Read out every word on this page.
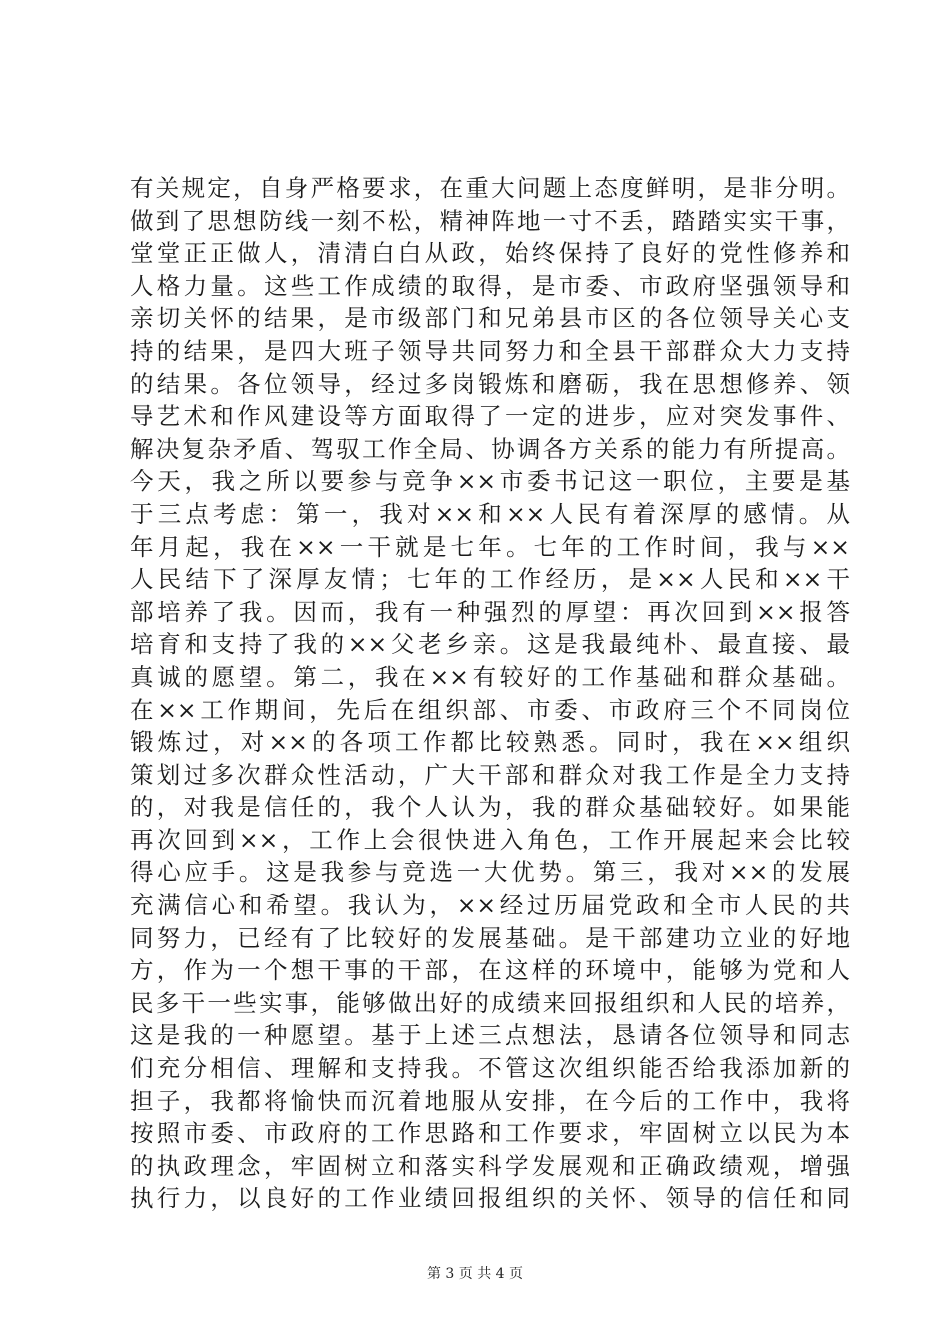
有关规定，自身严格要求，在重大问题上态度鲜明，是非分明。
做到了思想防线一刻不松，精神阵地一寸不丢，踏踏实实干事，
堂堂正正做人，清清白白从政，始终保持了良好的党性修养和
人格力量。这些工作成绩的取得，是市委、市政府坚强领导和
亲切关怀的结果，是市级部门和兄弟县市区的各位领导关心支
持的结果，是四大班子领导共同努力和全县干部群众大力支持
的结果。各位领导，经过多岗锻炼和磨砺，我在思想修养、领
导艺术和作风建设等方面取得了一定的进步，应对突发事件、
解决复杂矛盾、驾驭工作全局、协调各方关系的能力有所提高。
今天，我之所以要参与竞争××市委书记这一职位，主要是基
于三点考虑：第一，我对××和××人民有着深厚的感情。从
年月起，我在××一干就是七年。七年的工作时间，我与××
人民结下了深厚友情；七年的工作经历，是××人民和××干
部培养了我。因而，我有一种强烈的厚望：再次回到××报答
培育和支持了我的××父老乡亲。这是我最纯朴、最直接、最
真诚的愿望。第二，我在××有较好的工作基础和群众基础。
在××工作期间，先后在组织部、市委、市政府三个不同岗位
锻炼过，对××的各项工作都比较熟悉。同时，我在××组织
策划过多次群众性活动，广大干部和群众对我工作是全力支持
的，对我是信任的，我个人认为，我的群众基础较好。如果能
再次回到××，工作上会很快进入角色，工作开展起来会比较
得心应手。这是我参与竞选一大优势。第三，我对××的发展
充满信心和希望。我认为，××经过历届党政和全市人民的共
同努力，已经有了比较好的发展基础。是干部建功立业的好地
方，作为一个想干事的干部，在这样的环境中，能够为党和人
民多干一些实事，能够做出好的成绩来回报组织和人民的培养，
这是我的一种愿望。基于上述三点想法，恳请各位领导和同志
们充分相信、理解和支持我。不管这次组织能否给我添加新的
担子，我都将愉快而沉着地服从安排，在今后的工作中，我将
按照市委、市政府的工作思路和工作要求，牢固树立以民为本
的执政理念，牢固树立和落实科学发展观和正确政绩观，增强
执行力，以良好的工作业绩回报组织的关怀、领导的信任和同
第 3 页 共 4 页
